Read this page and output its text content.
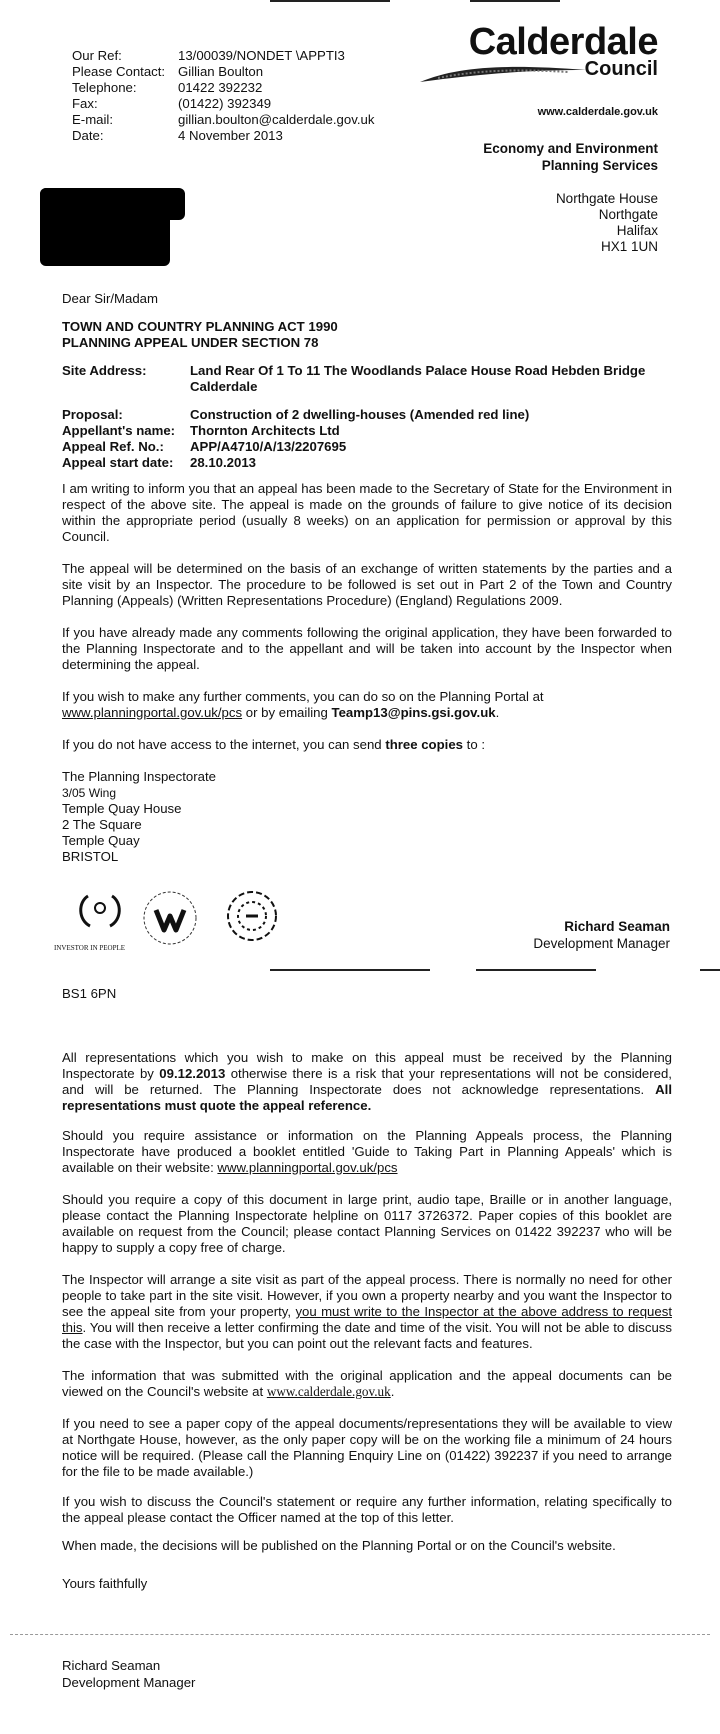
Our Ref:	13/00039/NONDET \APPTI3
Please Contact: Gillian Boulton
Telephone:	01422 392232
Fax:	(01422) 392349
E-mail:	gillian.boulton@calderdale.gov.uk
Date:	4 November 2013
Calderdale
Council
www.calderdale.gov.uk
Economy and Environment
Planning Services
Northgate House
Northgate
Halifax
HX1 1UN
Dear Sir/Madam
TOWN AND COUNTRY PLANNING ACT 1990
PLANNING APPEAL UNDER SECTION 78
Site Address:	Land Rear Of 1 To 11 The Woodlands Palace House Road Hebden Bridge Calderdale
Proposal:	Construction of 2 dwelling-houses (Amended red line)
Appellant's name:	Thornton Architects Ltd
Appeal Ref. No.:	APP/A4710/A/13/2207695
Appeal start date:	28.10.2013

I am writing to inform you that an appeal has been made to the Secretary of State for the Environment in respect of the above site. The appeal is made on the grounds of failure to give notice of its decision within the appropriate period (usually 8 weeks) on an application for permission or approval by this Council.

The appeal will be determined on the basis of an exchange of written statements by the parties and a site visit by an Inspector. The procedure to be followed is set out in Part 2 of the Town and Country Planning (Appeals) (Written Representations Procedure) (England) Regulations 2009.

If you have already made any comments following the original application, they have been forwarded to the Planning Inspectorate and to the appellant and will be taken into account by the Inspector when determining the appeal.

If you wish to make any further comments, you can do so on the Planning Portal at
www.planningportal.gov.uk/pcs or by emailing Teamp13@pins.gsi.gov.uk.

If you do not have access to the internet, you can send three copies to :

The Planning Inspectorate
3/05 Wing
Temple Quay House
2 The Square
Temple Quay
BRISTOL
INVESTOR IN PEOPLE
Richard Seaman
Development Manager
BS1 6PN

All representations which you wish to make on this appeal must be received by the Planning Inspectorate by 09.12.2013 otherwise there is a risk that your representations will not be considered, and will be returned. The Planning Inspectorate does not acknowledge representations. All representations must quote the appeal reference.

Should you require assistance or information on the Planning Appeals process, the Planning Inspectorate have produced a booklet entitled 'Guide to Taking Part in Planning Appeals' which is available on their website: www.planningportal.gov.uk/pcs

Should you require a copy of this document in large print, audio tape, Braille or in another language, please contact the Planning Inspectorate helpline on 0117 3726372. Paper copies of this booklet are available on request from the Council; please contact Planning Services on 01422 392237 who will be happy to supply a copy free of charge.

The Inspector will arrange a site visit as part of the appeal process. There is normally no need for other people to take part in the site visit. However, if you own a property nearby and you want the Inspector to see the appeal site from your property, you must write to the Inspector at the above address to request this. You will then receive a letter confirming the date and time of the visit. You will not be able to discuss the case with the Inspector, but you can point out the relevant facts and features.

The information that was submitted with the original application and the appeal documents can be viewed on the Council's website at www.calderdale.gov.uk.

If you need to see a paper copy of the appeal documents/representations they will be available to view at Northgate House, however, as the only paper copy will be on the working file a minimum of 24 hours notice will be required. (Please call the Planning Enquiry Line on (01422) 392237 if you need to arrange for the file to be made available.)

If you wish to discuss the Council's statement or require any further information, relating specifically to the appeal please contact the Officer named at the top of this letter.

When made, the decisions will be published on the Planning Portal or on the Council's website.

Yours faithfully
Richard Seaman
Development Manager
